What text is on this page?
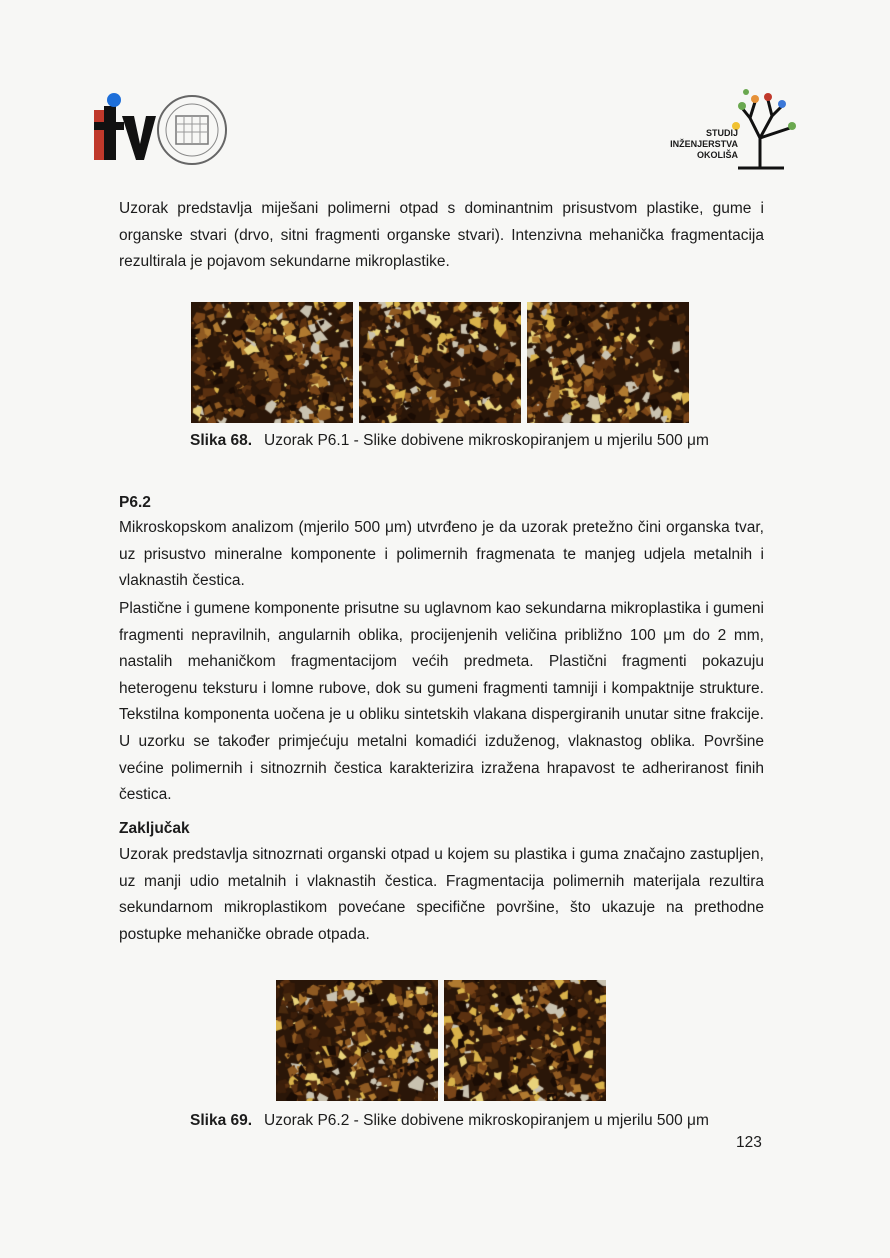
STUDIJ
INŽENJERSTVA
OKOLIŠA

Uzorak predstavlja miješani polimerni otpad s dominantnim prisustvom plastike, gume i organske stvari (drvo, sitni fragmenti organske stvari). Intenzivna mehanička fragmentacija rezultirala je pojavom sekundarne mikroplastike.

Slika 68. Uzorak P6.1 - Slike dobivene mikroskopiranjem u mjerilu 500 μm

P6.2

Mikroskopskom analizom (mjerilo 500 μm) utvrđeno je da uzorak pretežno čini organska tvar, uz prisustvo mineralne komponente i polimernih fragmenata te manjeg udjela metalnih i vlaknastih čestica.

Plastične i gumene komponente prisutne su uglavnom kao sekundarna mikroplastika i gumeni fragmenti nepravilnih, angularnih oblika, procijenjenih veličina približno 100 μm do 2 mm, nastalih mehaničkom fragmentacijom većih predmeta. Plastični fragmenti pokazuju heterogenu teksturu i lomne rubove, dok su gumeni fragmenti tamniji i kompaktnije strukture. Tekstilna komponenta uočena je u obliku sintetskih vlakana dispergiranih unutar sitne frakcije. U uzorku se također primjećuju metalni komadići izduženog, vlaknastog oblika. Površine većine polimernih i sitnozrnih čestica karakterizira izražena hrapavost te adheriranost finih čestica.

Zaključak

Uzorak predstavlja sitnozrnati organski otpad u kojem su plastika i guma značajno zastupljen, uz manji udio metalnih i vlaknastih čestica. Fragmentacija polimernih materijala rezultira sekundarnom mikroplastikom povećane specifične površine, što ukazuje na prethodne postupke mehaničke obrade otpada.

Slika 69. Uzorak P6.2 - Slike dobivene mikroskopiranjem u mjerilu 500 μm
123
